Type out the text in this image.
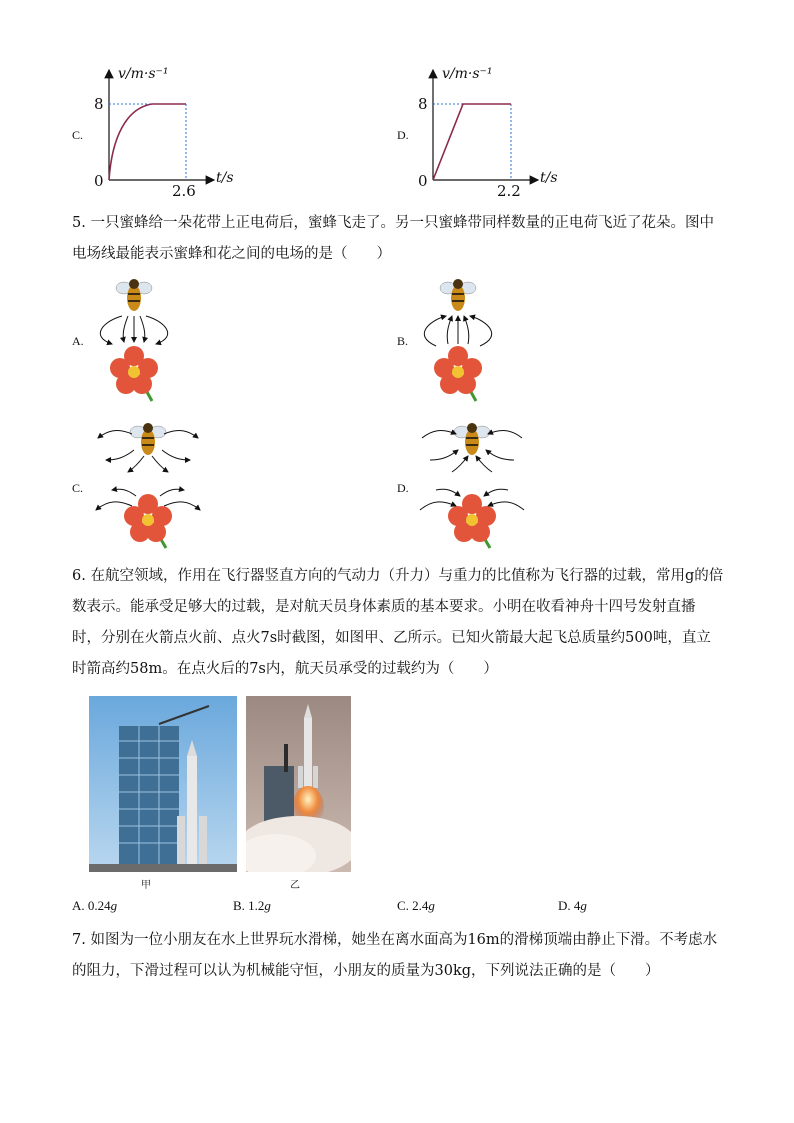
C.
v/m·s⁻¹
8
0
2.6
t/s
D.
v/m·s⁻¹
8
0
2.2
t/s
5. 一只蜜蜂给一朵花带上正电荷后，蜜蜂飞走了。另一只蜜蜂带同样数量的正电荷飞近了花朵。图中电场线最能表示蜜蜂和花之间的电场的是（　　）
A.	B.
C.	D.
6. 在航空领域，作用在飞行器竖直方向的气动力（升力）与重力的比值称为飞行器的过载，常用g的倍数表示。能承受足够大的过载，是对航天员身体素质的基本要求。小明在收看神舟十四号发射直播时，分别在火箭点火前、点火7s时截图，如图甲、乙所示。已知火箭最大起飞总质量约500吨，直立时箭高约58m。在点火后的7s内，航天员承受的过载约为（　　）
甲	乙
A. 0.24g	B. 1.2g	C. 2.4g	D. 4g
7. 如图为一位小朋友在水上世界玩水滑梯，她坐在离水面高为16m的滑梯顶端由静止下滑。不考虑水的阻力，下滑过程可以认为机械能守恒，小朋友的质量为30kg，下列说法正确的是（　　）
